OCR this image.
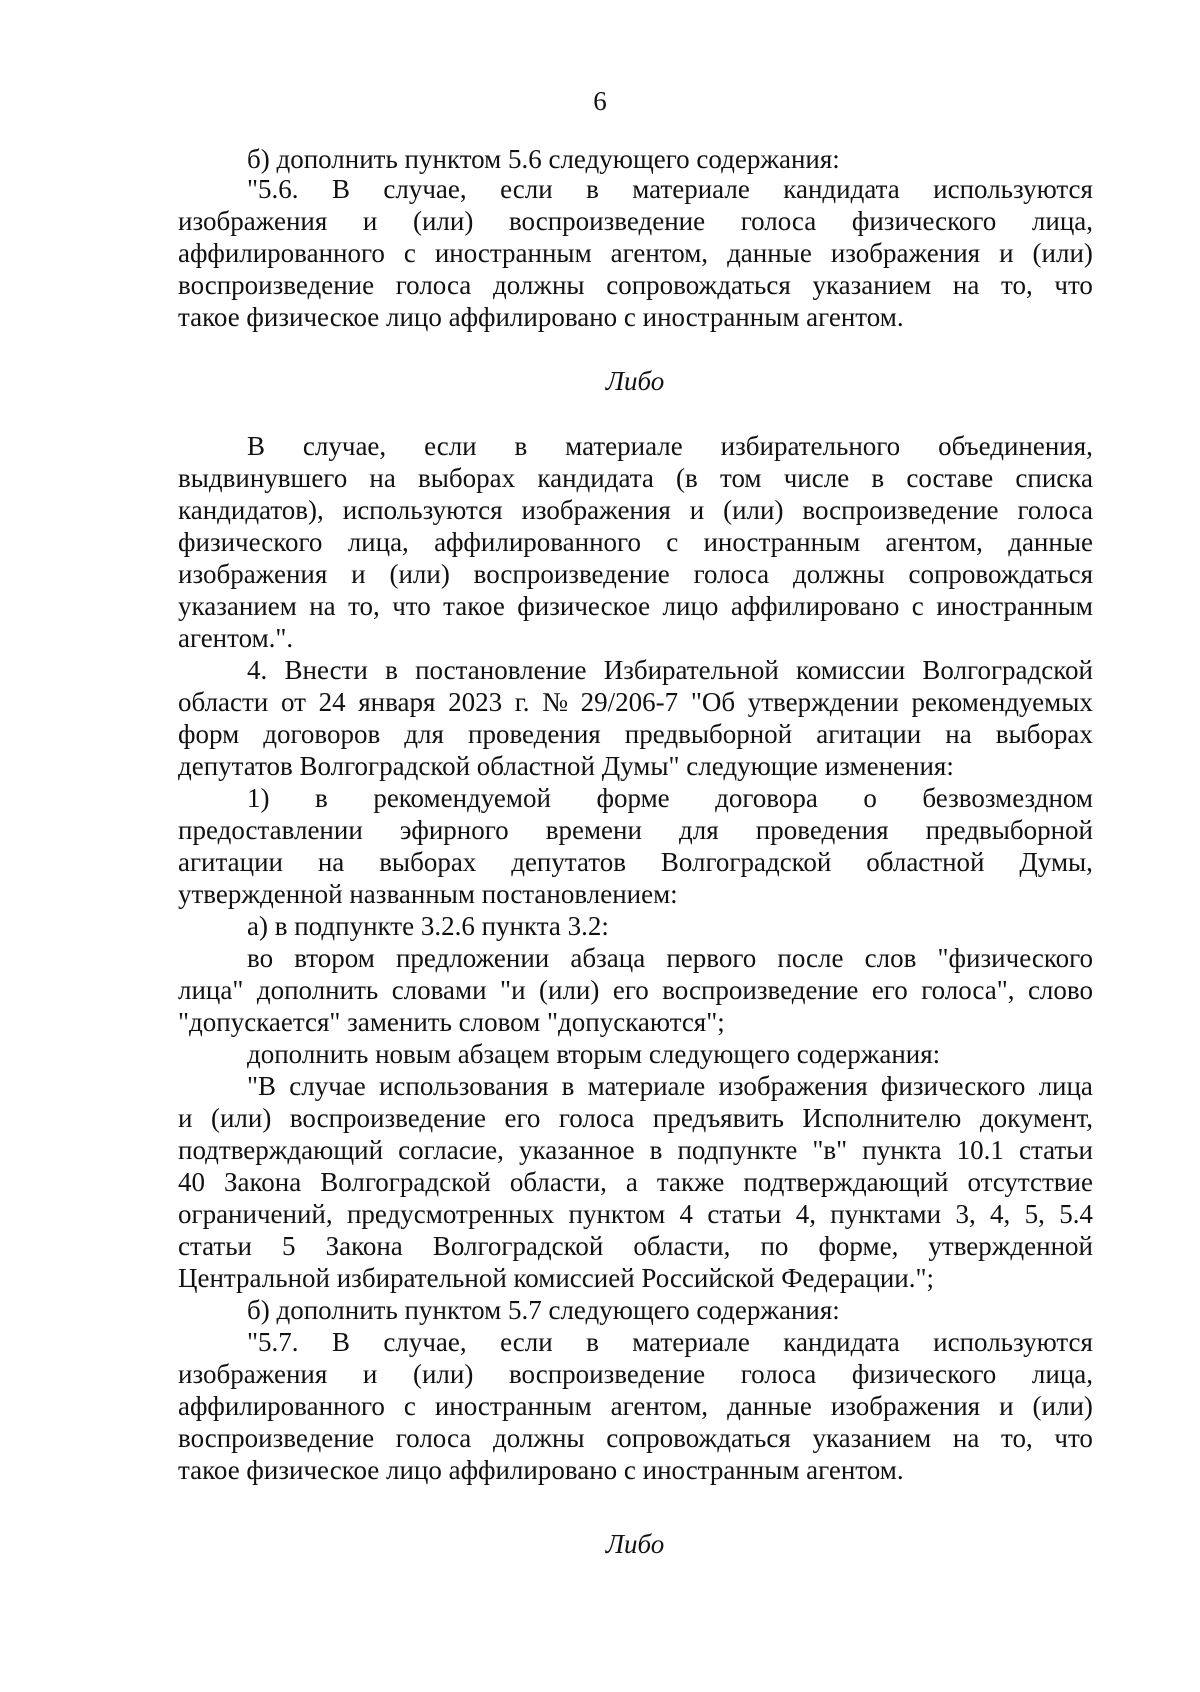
6
б) дополнить пунктом 5.6 следующего содержания:
"5.6. В случае, если в материале кандидата используются
изображения и (или) воспроизведение голоса физического лица,
аффилированного с иностранным агентом, данные изображения и (или)
воспроизведение голоса должны сопровождаться указанием на то, что
такое физическое лицо аффилировано с иностранным агентом.
Либо
В случае, если в материале избирательного объединения,
выдвинувшего на выборах кандидата (в том числе в составе списка
кандидатов), используются изображения и (или) воспроизведение голоса
физического лица, аффилированного с иностранным агентом, данные
изображения и (или) воспроизведение голоса должны сопровождаться
указанием на то, что такое физическое лицо аффилировано с иностранным
агентом.".
4. Внести в постановление Избирательной комиссии Волгоградской
области от 24 января 2023 г. № 29/206-7 "Об утверждении рекомендуемых
форм договоров для проведения предвыборной агитации на выборах
депутатов Волгоградской областной Думы" следующие изменения:
1) в рекомендуемой форме договора о безвозмездном
предоставлении эфирного времени для проведения предвыборной
агитации на выборах депутатов Волгоградской областной Думы,
утвержденной названным постановлением:
а) в подпункте 3.2.6 пункта 3.2:
во втором предложении абзаца первого после слов "физического
лица" дополнить словами "и (или) его воспроизведение его голоса", слово
"допускается" заменить словом "допускаются";
дополнить новым абзацем вторым следующего содержания:
"В случае использования в материале изображения физического лица
и (или) воспроизведение его голоса предъявить Исполнителю документ,
подтверждающий согласие, указанное в подпункте "в" пункта 10.1 статьи
40 Закона Волгоградской области, а также подтверждающий отсутствие
ограничений, предусмотренных пунктом 4 статьи 4, пунктами 3, 4, 5, 5.4
статьи 5 Закона Волгоградской области, по форме, утвержденной
Центральной избирательной комиссией Российской Федерации.";
б) дополнить пунктом 5.7 следующего содержания:
"5.7. В случае, если в материале кандидата используются
изображения и (или) воспроизведение голоса физического лица,
аффилированного с иностранным агентом, данные изображения и (или)
воспроизведение голоса должны сопровождаться указанием на то, что
такое физическое лицо аффилировано с иностранным агентом.
Либо
